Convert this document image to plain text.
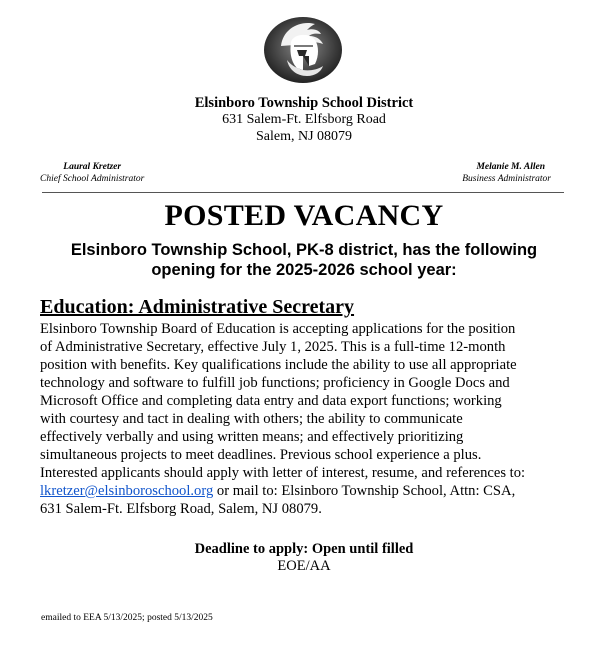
Elsinboro Township School District
631 Salem-Ft. Elfsborg Road
Salem, NJ 08079
Laural Kretzer
Chief School Administrator
Melanie M. Allen
Business Administrator
POSTED VACANCY
Elsinboro Township School, PK-8 district, has the following
opening for the 2025-2026 school year:
Education: Administrative Secretary
Elsinboro Township Board of Education is accepting applications for the position
of Administrative Secretary, effective July 1, 2025. This is a full-time 12-month
position with benefits. Key qualifications include the ability to use all appropriate
technology and software to fulfill job functions; proficiency in Google Docs and
Microsoft Office and completing data entry and data export functions; working
with courtesy and tact in dealing with others; the ability to communicate
effectively verbally and using written means; and effectively prioritizing
simultaneous projects to meet deadlines. Previous school experience a plus.
Interested applicants should apply with letter of interest, resume, and references to:
lkretzer@elsinboroschool.org or mail to: Elsinboro Township School, Attn: CSA,
631 Salem-Ft. Elfsborg Road, Salem, NJ 08079.
Deadline to apply: Open until filled
EOE/AA
emailed to EEA 5/13/2025; posted 5/13/2025
